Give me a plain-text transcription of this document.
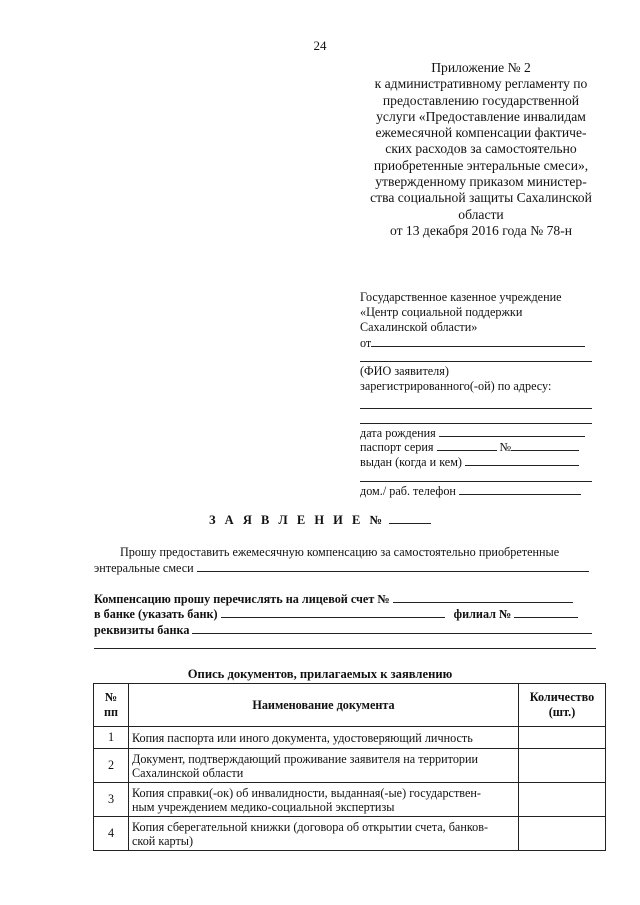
24
Приложение № 2
к административному регламенту по
предоставлению государственной
услуги «Предоставление инвалидам
ежемесячной компенсации фактиче-
ских расходов за самостоятельно
приобретенные энтеральные смеси»,
утвержденному приказом министер-
ства социальной защиты Сахалинской
области
от 13 декабря 2016 года № 78-н
Государственное казенное учреждение
«Центр социальной поддержки
Сахалинской области»
от
(ФИО заявителя)
зарегистрированного(-ой) по адресу:
дата рождения
паспорт серия	№
выдан (когда и кем)
дом./ раб. телефон
З А Я В Л Е Н И Е №
Прошу предоставить ежемесячную компенсацию за самостоятельно приобретенные
энтеральные смеси
Компенсацию прошу перечислять на лицевой счет №
в банке (указать банк)	филиал №
реквизиты банка
Опись документов, прилагаемых к заявлению
№ пп	Наименование документа	Количество
(шт.)

1	Копия паспорта или иного документа, удостоверяющий личность	

2	Документ, подтверждающий проживание заявителя на территории
Сахалинской области	

3	Копия справки(-ок) об инвалидности, выданная(-ые) государствен-
ным учреждением медико-социальной экспертизы	

4	Копия сберегательной книжки (договора об открытии счета, банков-
ской карты)	
